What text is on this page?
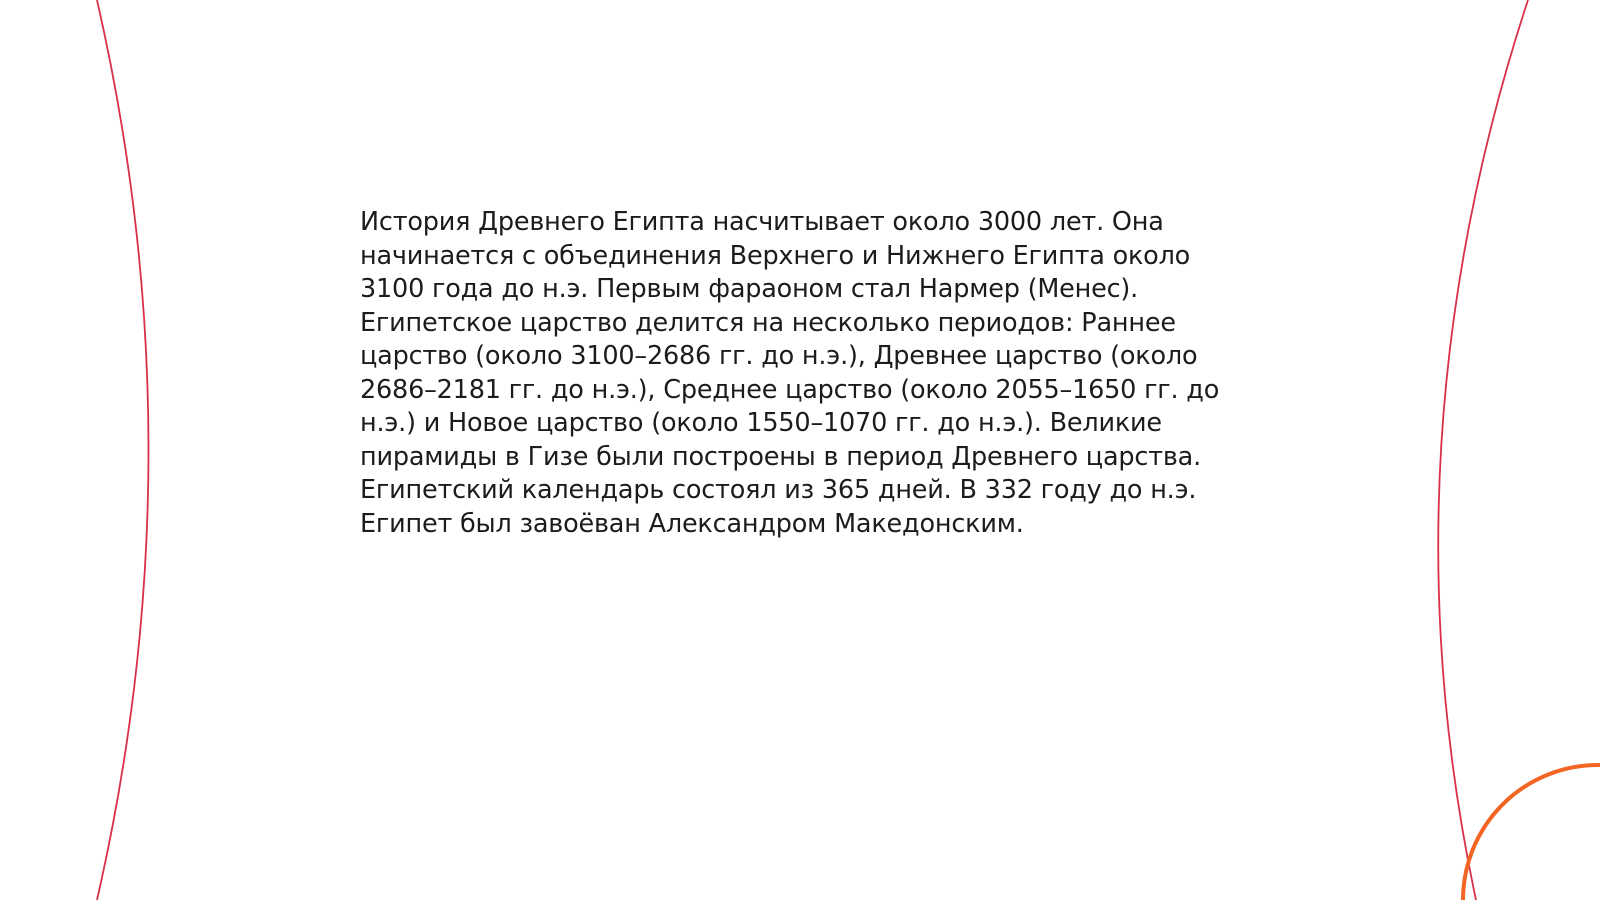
История Древнего Египта насчитывает около 3000 лет. Она начинается с объединения Верхнего и Нижнего Египта около 3100 года до н.э. Первым фараоном стал Нармер (Менес). Египетское царство делится на несколько периодов: Раннее царство (около 3100–2686 гг. до н.э.), Древнее царство (около 2686–2181 гг. до н.э.), Среднее царство (около 2055–1650 гг. до н.э.) и Новое царство (около 1550–1070 гг. до н.э.). Великие пирамиды в Гизе были построены в период Древнего царства. Египетский календарь состоял из 365 дней. В 332 году до н.э. Египет был завоёван Александром Македонским.
